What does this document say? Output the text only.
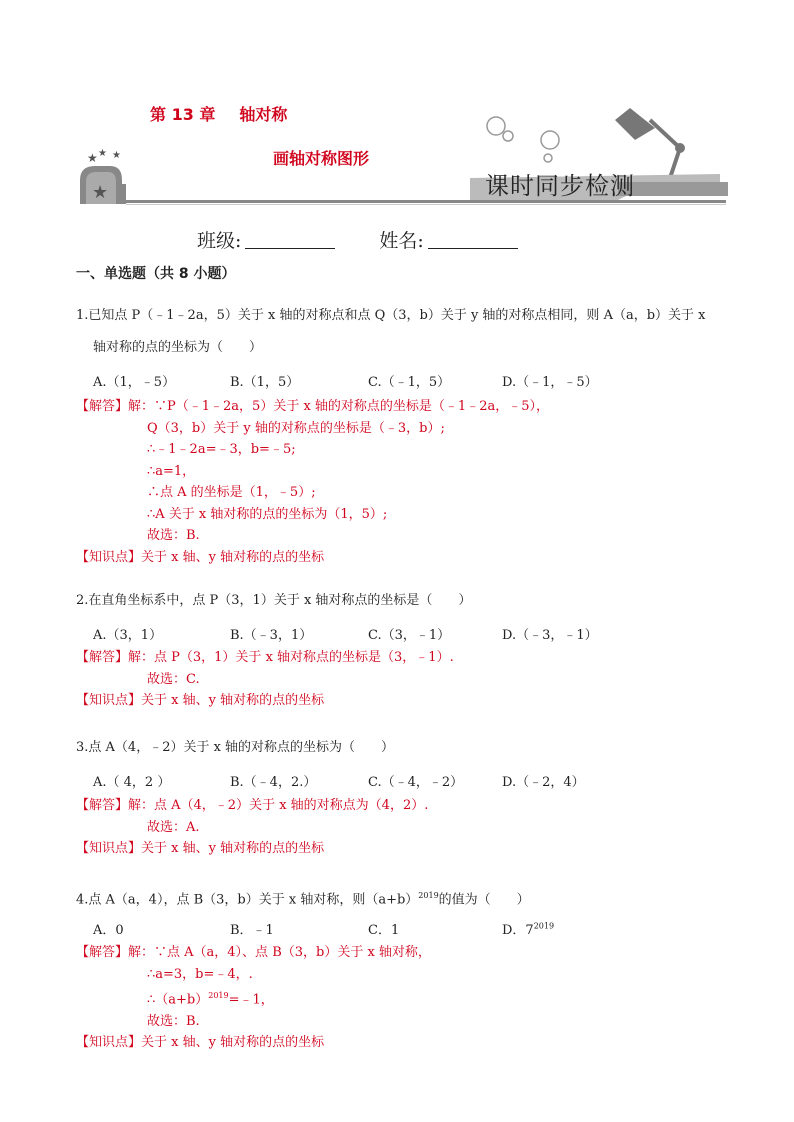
第 13 章 轴对称
画轴对称图形
★ ★ ★
★	课时同步检测
班级:	姓名:
一、单选题（共 8 小题）
1.已知点 P（﹣1﹣2a，5）关于 x 轴的对称点和点 Q（3，b）关于 y 轴的对称点相同，则 A（a，b）关于 x
轴对称的点的坐标为（　　）
A.（1，﹣5）	B.（1，5）	C.（﹣1，5）	D.（﹣1，﹣5）
【解答】解：∵P（﹣1﹣2a，5）关于 x 轴的对称点的坐标是（﹣1﹣2a，﹣5），
Q（3，b）关于 y 轴的对称点的坐标是（﹣3，b）;
∴﹣1﹣2a=﹣3，b=﹣5;
∴a=1，
∴点 A 的坐标是（1，﹣5）;
∴A 关于 x 轴对称的点的坐标为（1，5）;
故选：B.
【知识点】关于 x 轴、y 轴对称的点的坐标
2.在直角坐标系中，点 P（3，1）关于 x 轴对称点的坐标是（　　）
A.（3，1）	B.（﹣3，1）	C.（3，﹣1）	D.（﹣3，﹣1）
【解答】解：点 P（3，1）关于 x 轴对称点的坐标是（3，﹣1）.
故选：C.
【知识点】关于 x 轴、y 轴对称的点的坐标
3.点 A（4，﹣2）关于 x 轴的对称点的坐标为（　　）
A.（ 4，2 ）	B.（﹣4，2.）	C.（﹣4，﹣2）	D.（﹣2，4）
【解答】解：点 A（4，﹣2）关于 x 轴的对称点为（4，2）.
故选：A.
【知识点】关于 x 轴、y 轴对称的点的坐标
4.点 A（a，4），点 B（3，b）关于 x 轴对称，则$(a+b)^{2019}$的值为（　　）
A．0	B．﹣1	C．1	D．$7^{2019}$
【解答】解：∵点 A（a，4）、点 B（3，b）关于 x 轴对称，
∴a=3，b=﹣4，.
$\therefore(a+b)^{2019}=﹣1$，
故选：B.
【知识点】关于 x 轴、y 轴对称的点的坐标
